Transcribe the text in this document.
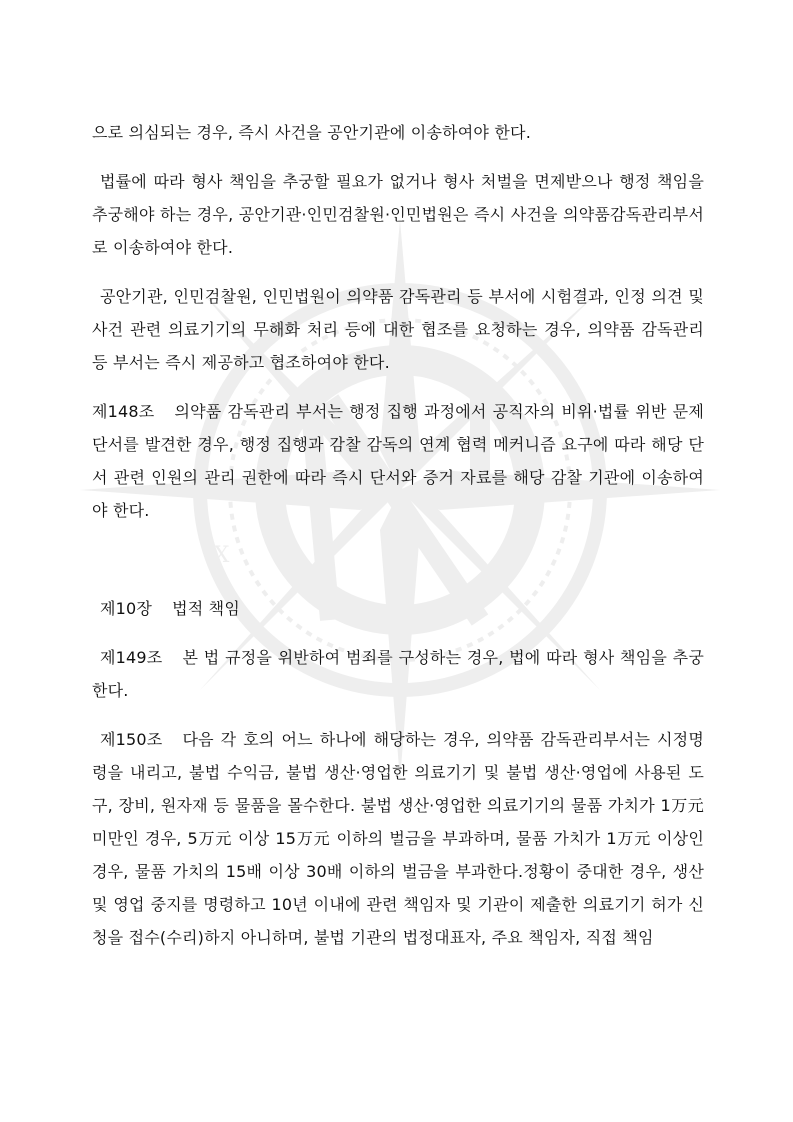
IX
S

으로 의심되는 경우, 즉시 사건을 공안기관에 이송하여야 한다.

법률에 따라 형사 책임을 추궁할 필요가 없거나 형사 처벌을 면제받으나 행정 책임을 추궁해야 하는 경우, 공안기관·인민검찰원·인민법원은 즉시 사건을 의약품감독관리부서로 이송하여야 한다.

공안기관, 인민검찰원, 인민법원이 의약품 감독관리 등 부서에 시험결과, 인정 의견 및 사건 관련 의료기기의 무해화 처리 등에 대한 협조를 요청하는 경우, 의약품 감독관리 등 부서는 즉시 제공하고 협조하여야 한다.

제148조 의약품 감독관리 부서는 행정 집행 과정에서 공직자의 비위·법률 위반 문제 단서를 발견한 경우, 행정 집행과 감찰 감독의 연계 협력 메커니즘 요구에 따라 해당 단서 관련 인원의 관리 권한에 따라 즉시 단서와 증거 자료를 해당 감찰 기관에 이송하여야 한다.

제10장 법적 책임

제149조 본 법 규정을 위반하여 범죄를 구성하는 경우, 법에 따라 형사 책임을 추궁한다.

제150조 다음 각 호의 어느 하나에 해당하는 경우, 의약품 감독관리부서는 시정명령을 내리고, 불법 수익금, 불법 생산·영업한 의료기기 및 불법 생산·영업에 사용된 도구, 장비, 원자재 등 물품을 몰수한다. 불법 생산·영업한 의료기기의 물품 가치가 1万元 미만인 경우, 5万元 이상 15万元 이하의 벌금을 부과하며, 물품 가치가 1万元 이상인 경우, 물품 가치의 15배 이상 30배 이하의 벌금을 부과한다.정황이 중대한 경우, 생산 및 영업 중지를 명령하고 10년 이내에 관련 책임자 및 기관이 제출한 의료기기 허가 신청을 접수(수리)하지 아니하며, 불법 기관의 법정대표자, 주요 책임자, 직접 책임
